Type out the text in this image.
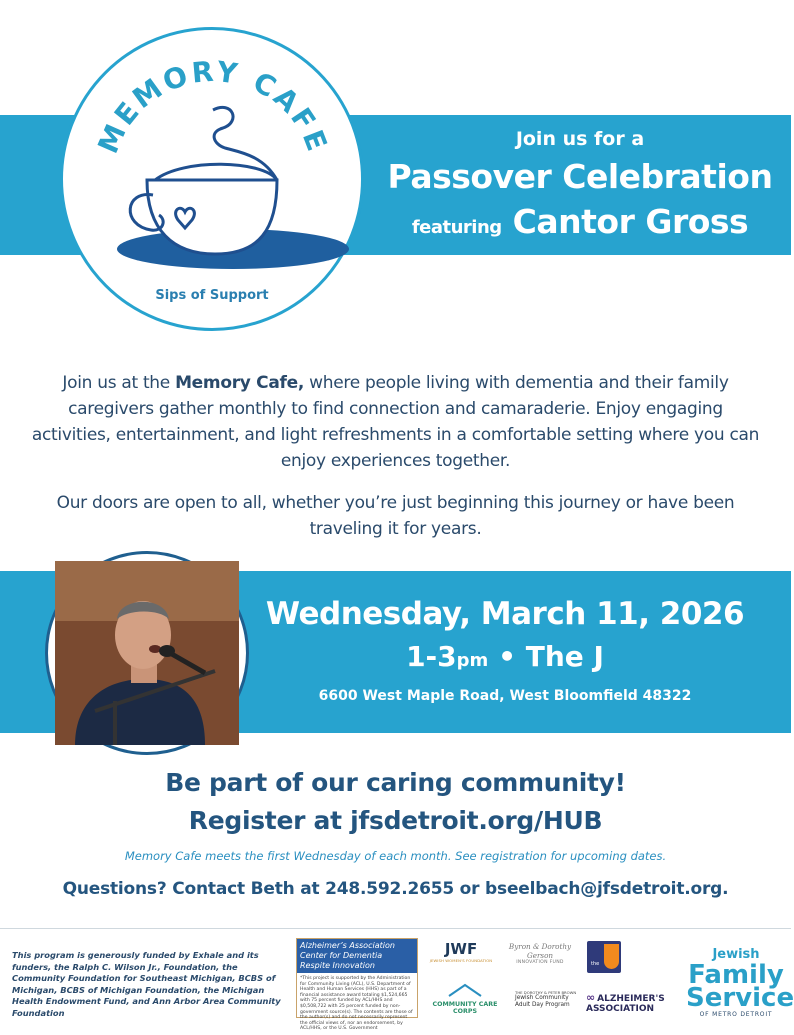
MEMORY CAFE
Sips of Support
Join us for a
Passover Celebration
featuring Cantor Gross
Join us at the Memory Cafe, where people living with dementia and their family caregivers gather monthly to find connection and camaraderie. Enjoy engaging activities, entertainment, and light refreshments in a comfortable setting where you can enjoy experiences together.
Our doors are open to all, whether you’re just beginning this journey or have been traveling it for years.
Wednesday, March 11, 2026
1-3pm • The J
6600 West Maple Road, West Bloomfield 48322
Be part of our caring community!
Register at jfsdetroit.org/HUB
Memory Cafe meets the first Wednesday of each month. See registration for upcoming dates.
Questions? Contact Beth at 248.592.2655 or bseelbach@jfsdetroit.org.
This program is generously funded by Exhale and its funders, the Ralph C. Wilson Jr., Foundation, the Community Foundation for Southeast Michigan, BCBS of Michigan, BCBS of Michigan Foundation, the Michigan Health Endowment Fund, and Ann Arbor Area Community Foundation
Alzheimer’s Association Center for Dementia Respite Innovation
*This project is supported by the Administration for Community Living (ACL), U.S. Department of Health and Human Services (HHS) as part of a financial assistance award totaling $1,524,665 with 75 percent funded by ACL/HHS and $0,508,722 with 25 percent funded by non-government source(s). The contents are those of the author(s) and do not necessarily represent the official views of, nor an endorsement, by ACL/HHS, or the U.S. Government
JWF
JEWISH WOMEN'S FOUNDATION
COMMUNITY CARE CORPS
Byron & Dorothy Gerson
INNOVATION FUND
THE DOROTHY & PETER BROWN
Jewish Community Adult Day Program
the
∞ ALZHEIMER'S ASSOCIATION
Jewish
Family
Service
OF METRO DETROIT
